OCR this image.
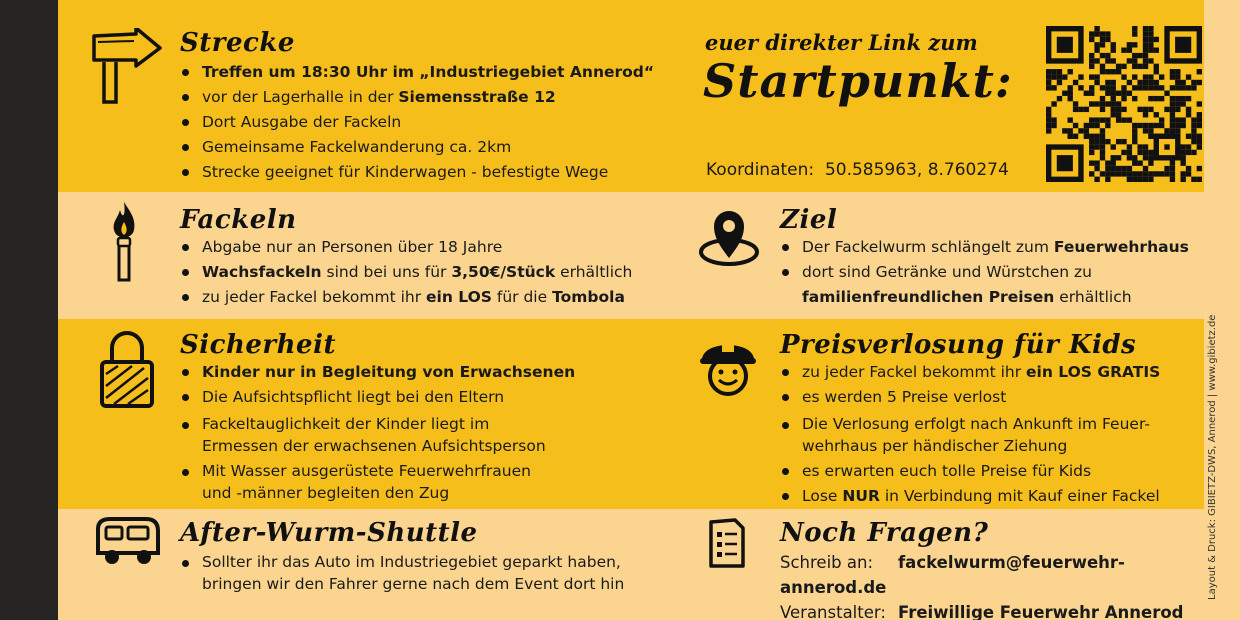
Layout & Druck: GIBIETZ-DWS, Annerod | www.gibietz.de
Strecke
Treffen um 18:30 Uhr im „Industriegebiet Annerod“
vor der Lagerhalle in der Siemensstraße 12
Dort Ausgabe der Fackeln
Gemeinsame Fackelwanderung ca. 2km
Strecke geeignet für Kinderwagen - befestigte Wege
euer direkter Link zum
Startpunkt:
Koordinaten: 50.585963, 8.760274
Fackeln
Abgabe nur an Personen über 18 Jahre
Wachsfackeln sind bei uns für 3,50€/Stück erhältlich
zu jeder Fackel bekommt ihr ein LOS für die Tombola
Ziel
Der Fackelwurm schlängelt zum Feuerwehrhaus
dort sind Getränke und Würstchen zu
familienfreundlichen Preisen erhältlich
Sicherheit
Kinder nur in Begleitung von Erwachsenen
Die Aufsichtspflicht liegt bei den Eltern
Fackeltauglichkeit der Kinder liegt im
Ermessen der erwachsenen Aufsichtsperson
Mit Wasser ausgerüstete Feuerwehrfrauen
und -männer begleiten den Zug
Preisverlosung für Kids
zu jeder Fackel bekommt ihr ein LOS GRATIS
es werden 5 Preise verlost
Die Verlosung erfolgt nach Ankunft im Feuer-
wehrhaus per händischer Ziehung
es erwarten euch tolle Preise für Kids
Lose NUR in Verbindung mit Kauf einer Fackel
After-Wurm-Shuttle
Sollter ihr das Auto im Industriegebiet geparkt haben,
bringen wir den Fahrer gerne nach dem Event dort hin
Noch Fragen?
Schreib an: fackelwurm@feuerwehr-annerod.de
Veranstalter: Freiwillige Feuerwehr Annerod
